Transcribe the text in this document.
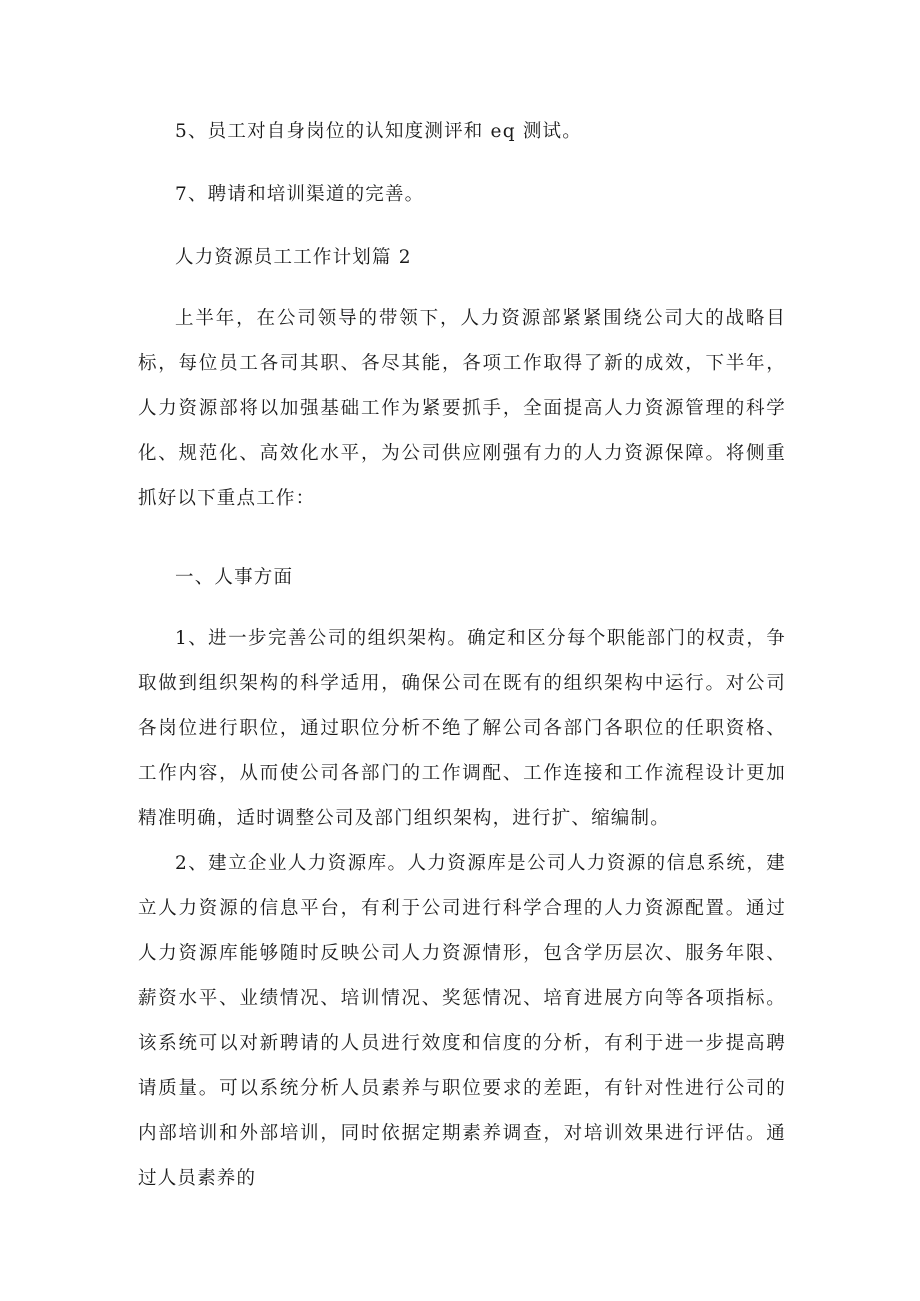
5、员工对自身岗位的认知度测评和 eq 测试。
7、聘请和培训渠道的完善。
人力资源员工工作计划篇 2
上半年，在公司领导的带领下，人力资源部紧紧围绕公司大的战略目标，每位员工各司其职、各尽其能，各项工作取得了新的成效，下半年，人力资源部将以加强基础工作为紧要抓手，全面提高人力资源管理的科学化、规范化、高效化水平，为公司供应刚强有力的人力资源保障。将侧重抓好以下重点工作：
一、人事方面
1、进一步完善公司的组织架构。确定和区分每个职能部门的权责，争取做到组织架构的科学适用，确保公司在既有的组织架构中运行。对公司各岗位进行职位，通过职位分析不绝了解公司各部门各职位的任职资格、工作内容，从而使公司各部门的工作调配、工作连接和工作流程设计更加精准明确，适时调整公司及部门组织架构，进行扩、缩编制。
2、建立企业人力资源库。人力资源库是公司人力资源的信息系统，建立人力资源的信息平台，有利于公司进行科学合理的人力资源配置。通过人力资源库能够随时反映公司人力资源情形，包含学历层次、服务年限、薪资水平、业绩情况、培训情况、奖惩情况、培育进展方向等各项指标。该系统可以对新聘请的人员进行效度和信度的分析，有利于进一步提高聘请质量。可以系统分析人员素养与职位要求的差距，有针对性进行公司的内部培训和外部培训，同时依据定期素养调查，对培训效果进行评估。通过人员素养的
